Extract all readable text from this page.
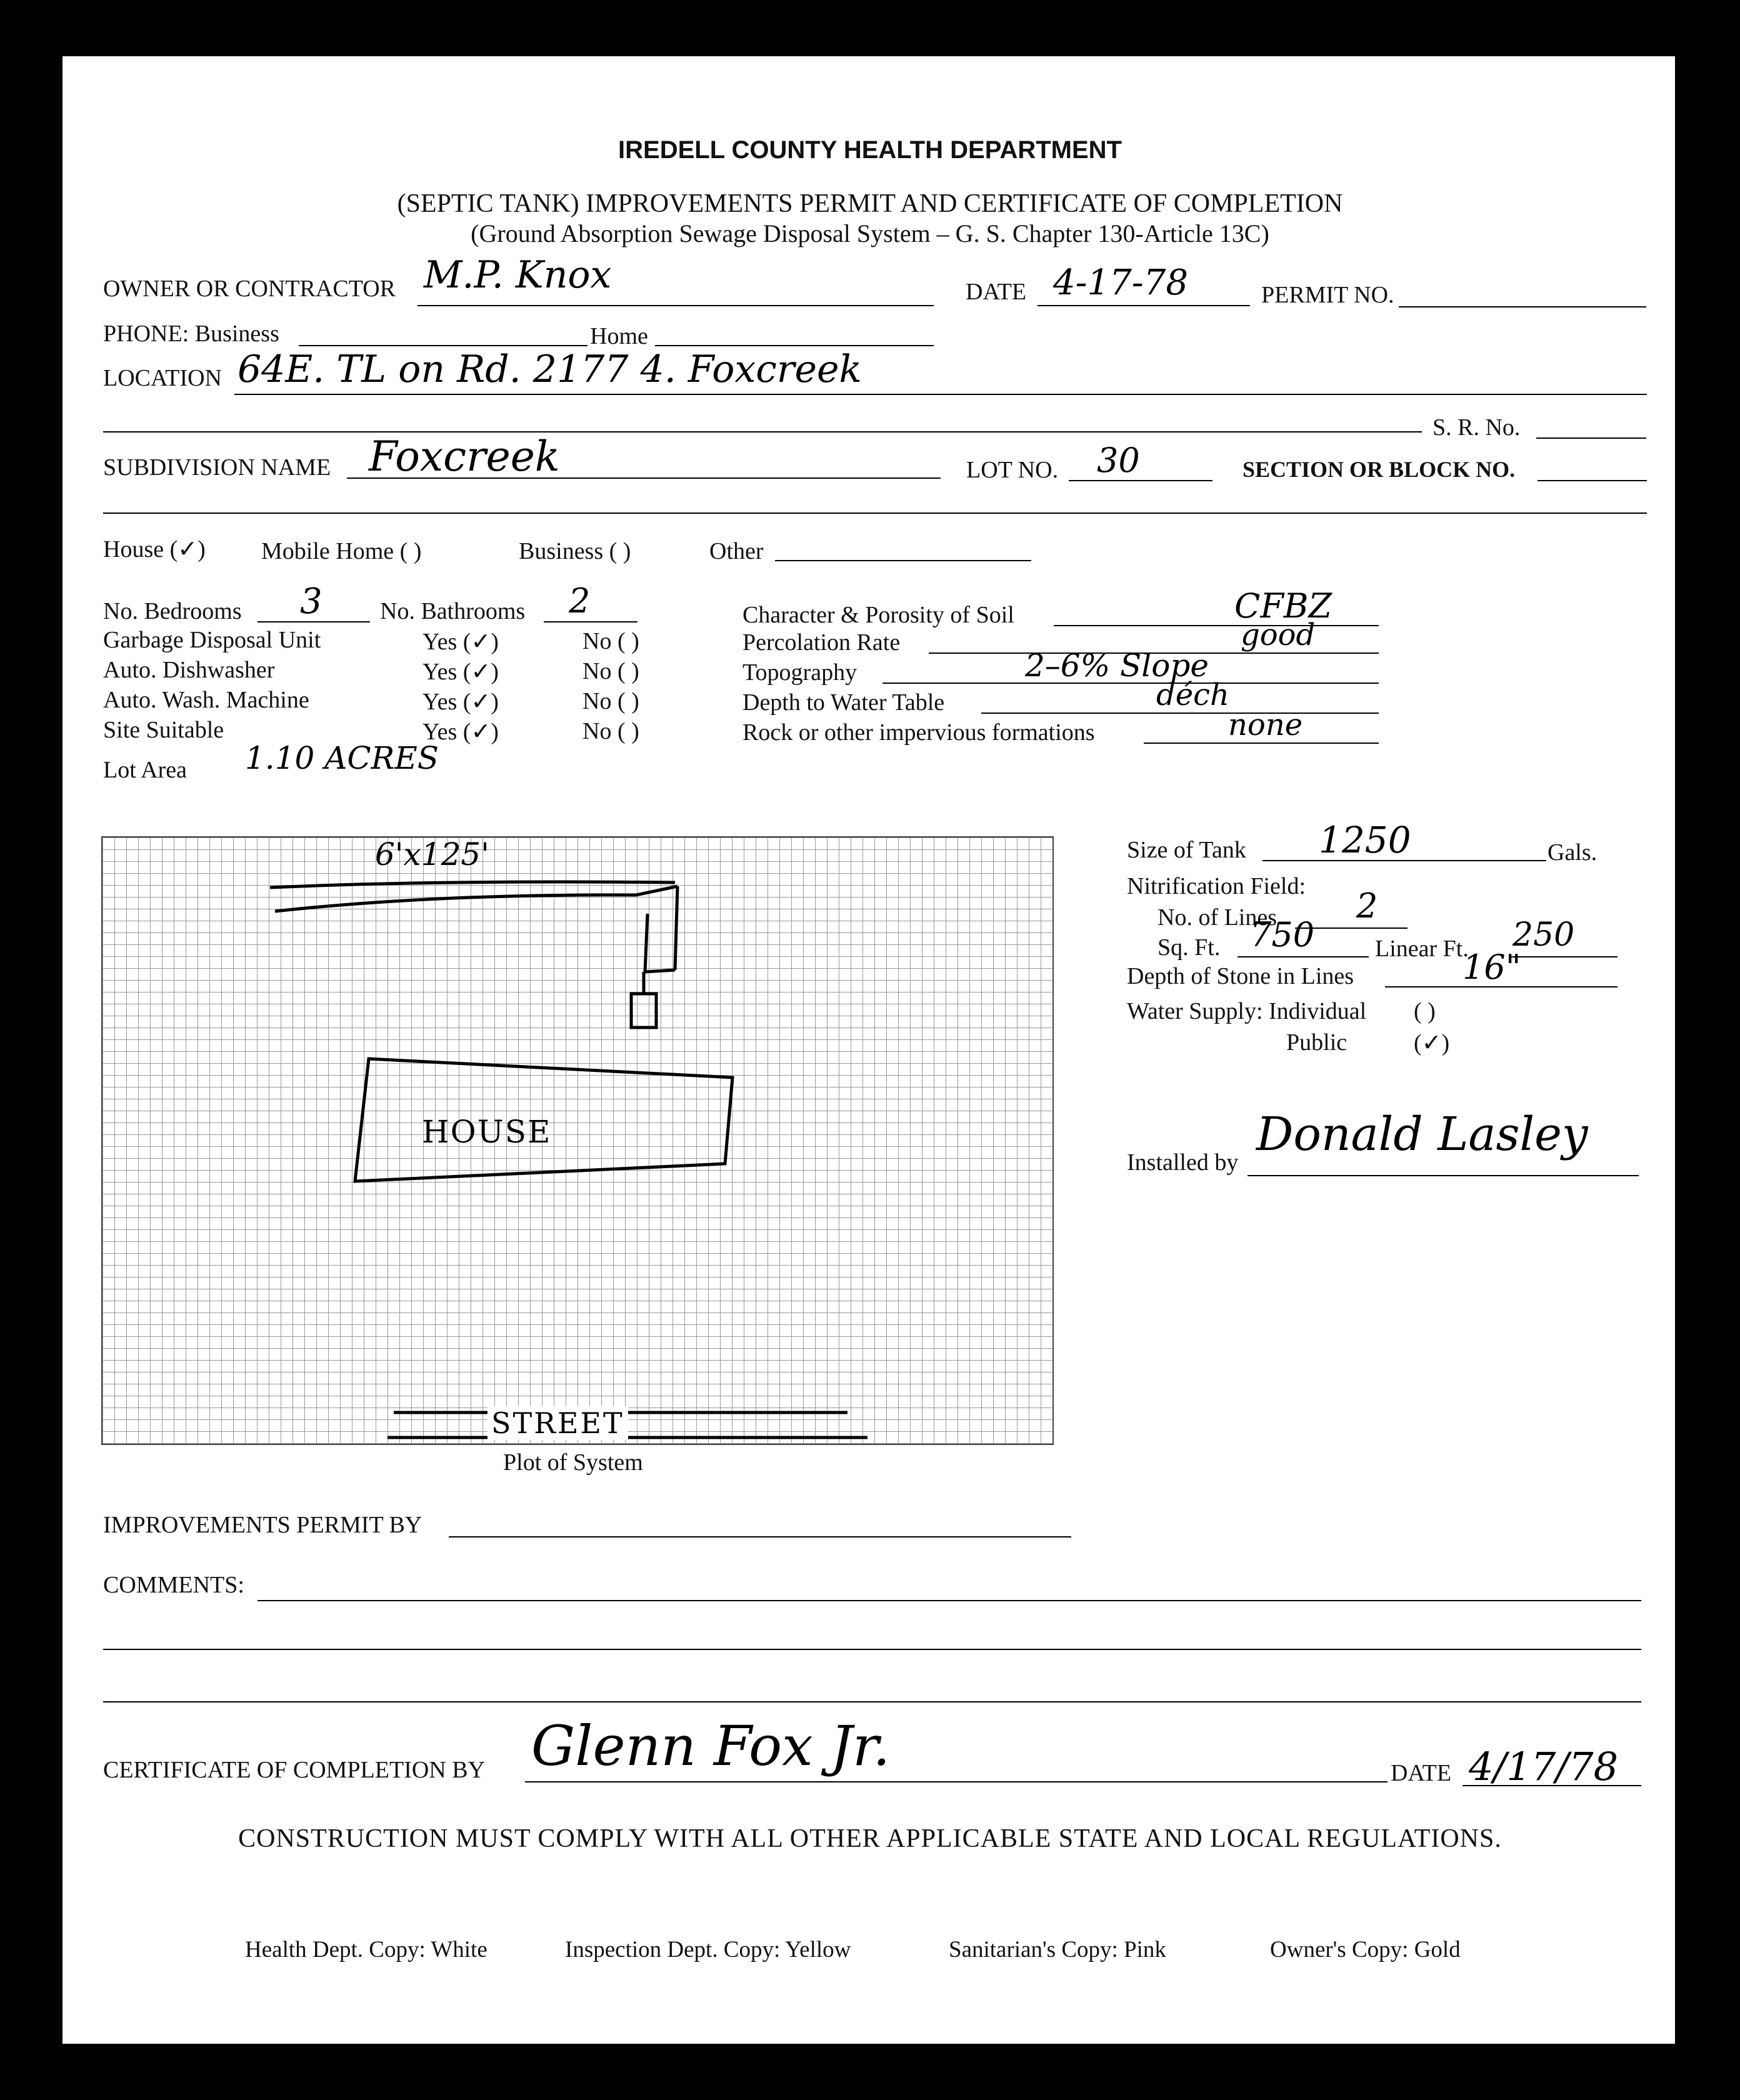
IREDELL COUNTY HEALTH DEPARTMENT
(SEPTIC TANK) IMPROVEMENTS PERMIT AND CERTIFICATE OF COMPLETION
(Ground Absorption Sewage Disposal System – G. S. Chapter 130-Article 13C)
OWNER OR CONTRACTOR M.P. Knox	DATE 4-17-78	PERMIT NO.
PHONE: Business	Home
LOCATION 64E. TL on Rd. 2177 4. Foxcreek
S. R. No.
SUBDIVISION NAME Foxcreek	LOT NO. 30	SECTION OR BLOCK NO.
House (✓) Mobile Home ( )	Business ( )	Other
No. Bedrooms 3 No. Bathrooms 2
Garbage Disposal Unit	Yes (✓)	No ( )
Auto. Dishwasher	Yes (✓)	No ( )
Auto. Wash. Machine	Yes (✓)	No ( )
Site Suitable	Yes (✓)	No ( )
Lot Area 1.10 ACRES
Character & Porosity of Soil	CFBZ
Percolation Rate	good
Topography	2–6% Slope
Depth to Water Table	déch
Rock or other impervious formations	none
6'x125'
HOUSE
STREET
Plot of System
Size of Tank 1250	Gals.
Nitrification Field:
No. of Lines 2
Sq. Ft. 750	Linear Ft. 250
Depth of Stone in Lines	16"
Water Supply: Individual ( )
Public	(✓)
Installed by
Donald Lasley
IMPROVEMENTS PERMIT BY
COMMENTS:
CERTIFICATE OF COMPLETION BY Glenn Fox Jr.	DATE 4/17/78
CONSTRUCTION MUST COMPLY WITH ALL OTHER APPLICABLE STATE AND LOCAL REGULATIONS.
Health Dept. Copy: White	Inspection Dept. Copy: Yellow	Sanitarian's Copy: Pink	Owner's Copy: Gold
